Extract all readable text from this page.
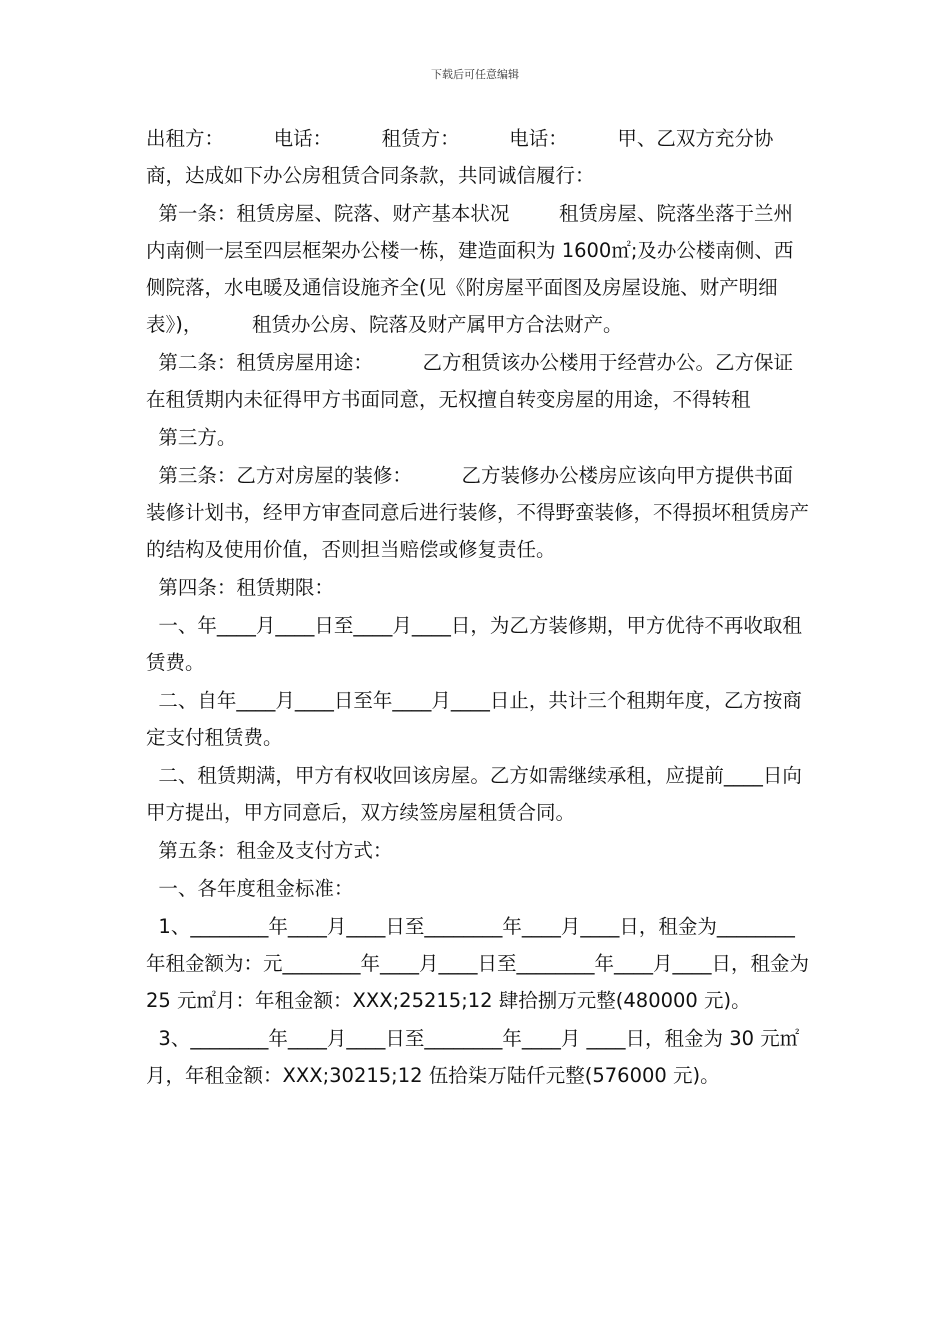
下载后可任意编辑

出租方：        电话：        租赁方：        电话：        甲、乙双方充分协商，达成如下办公房租赁合同条款，共同诚信履行：

第一条：租赁房屋、院落、财产基本状况        租赁房屋、院落坐落于兰州内南侧一层至四层框架办公楼一栋，建造面积为 1600㎡;及办公楼南侧、西侧院落，水电暖及通信设施齐全(见《附房屋平面图及房屋设施、财产明细表》)，        租赁办公房、院落及财产属甲方合法财产。

第二条：租赁房屋用途：        乙方租赁该办公楼用于经营办公。乙方保证在租赁期内未征得甲方书面同意，无权擅自转变房屋的用途，不得转租

第三方。

第三条：乙方对房屋的装修：        乙方装修办公楼房应该向甲方提供书面装修计划书，经甲方审查同意后进行装修，不得野蛮装修，不得损坏租赁房产的结构及使用价值，否则担当赔偿或修复责任。

第四条：租赁期限：

一、年____月____日至____月____日，为乙方装修期，甲方优待不再收取租赁费。

二、自年____月____日至年____月____日止，共计三个租期年度，乙方按商定支付租赁费。

二、租赁期满，甲方有权收回该房屋。乙方如需继续承租，应提前____日向甲方提出，甲方同意后，双方续签房屋租赁合同。

第五条：租金及支付方式：

一、各年度租金标准：

1、________年____月____日至________年____月____日，租金为________年租金额为：元________年____月____日至________年____月____日，租金为 25 元㎡月：年租金额：XXX;25215;12 肆拾捌万元整(480000 元)。

3、________年____月____日至________年____月 ____日，租金为 30 元㎡月，年租金额：XXX;30215;12 伍拾柒万陆仟元整(576000 元)。
